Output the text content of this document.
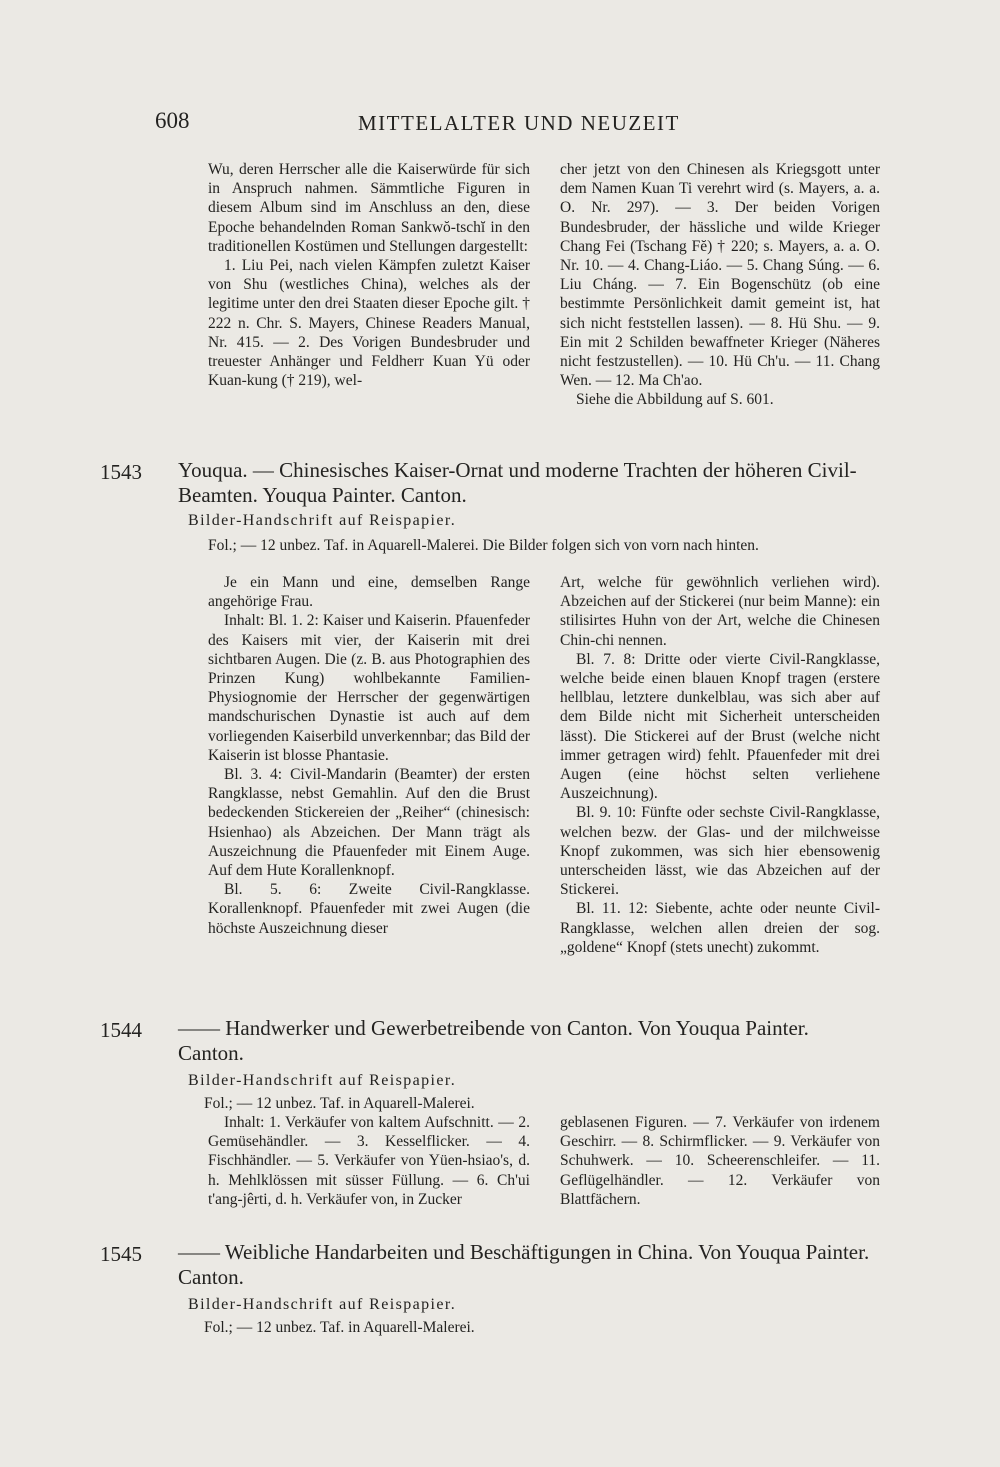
608	MITTELALTER UND NEUZEIT

Wu, deren Herrscher alle die Kaiserwürde für sich in Anspruch nahmen. Sämmtliche Figuren in diesem Album sind im Anschluss an den, diese Epoche behandelnden Roman Sankwŏ-tschĭ in den traditionellen Kostümen und Stellungen dargestellt:

1. Liu Pei, nach vielen Kämpfen zuletzt Kaiser von Shu (westliches China), welches als der legitime unter den drei Staaten dieser Epoche gilt. † 222 n. Chr. S. Mayers, Chinese Readers Manual, Nr. 415. — 2. Des Vorigen Bundesbruder und treuester Anhänger und Feldherr Kuan Yü oder Kuan-kung († 219), wel-

cher jetzt von den Chinesen als Kriegsgott unter dem Namen Kuan Ti verehrt wird (s. Mayers, a. a. O. Nr. 297). — 3. Der beiden Vorigen Bundesbruder, der hässliche und wilde Krieger Chang Fei (Tschang Fĕ) † 220; s. Mayers, a. a. O. Nr. 10. — 4. Chang-Liáo. — 5. Chang Súng. — 6. Liu Cháng. — 7. Ein Bogenschütz (ob eine bestimmte Persönlichkeit damit gemeint ist, hat sich nicht feststellen lassen). — 8. Hü Shu. — 9. Ein mit 2 Schilden bewaffneter Krieger (Näheres nicht festzustellen). — 10. Hü Ch'u. — 11. Chang Wen. — 12. Ma Ch'ao.

Siehe die Abbildung auf S. 601.

1543 Youqua. — Chinesisches Kaiser-Ornat und moderne Trachten der höheren Civil-Beamten. Youqua Painter. Canton.

Bilder-Handschrift auf Reispapier.

Fol.; — 12 unbez. Taf. in Aquarell-Malerei. Die Bilder folgen sich von vorn nach hinten.

Je ein Mann und eine, demselben Range angehörige Frau.

Inhalt: Bl. 1. 2: Kaiser und Kaiserin. Pfauenfeder des Kaisers mit vier, der Kaiserin mit drei sichtbaren Augen. Die (z. B. aus Photographien des Prinzen Kung) wohlbekannte Familien-Physiognomie der Herrscher der gegenwärtigen mandschurischen Dynastie ist auch auf dem vorliegenden Kaiserbild unverkennbar; das Bild der Kaiserin ist blosse Phantasie.

Bl. 3. 4: Civil-Mandarin (Beamter) der ersten Rangklasse, nebst Gemahlin. Auf den die Brust bedeckenden Stickereien der „Reiher“ (chinesisch: Hsienhao) als Abzeichen. Der Mann trägt als Auszeichnung die Pfauenfeder mit Einem Auge. Auf dem Hute Korallenknopf.

Bl. 5. 6: Zweite Civil-Rangklasse. Korallenknopf. Pfauenfeder mit zwei Augen (die höchste Auszeichnung dieser

Art, welche für gewöhnlich verliehen wird). Abzeichen auf der Stickerei (nur beim Manne): ein stilisirtes Huhn von der Art, welche die Chinesen Chin-chi nennen.

Bl. 7. 8: Dritte oder vierte Civil-Rangklasse, welche beide einen blauen Knopf tragen (erstere hellblau, letztere dunkelblau, was sich aber auf dem Bilde nicht mit Sicherheit unterscheiden lässt). Die Stickerei auf der Brust (welche nicht immer getragen wird) fehlt. Pfauenfeder mit drei Augen (eine höchst selten verliehene Auszeichnung).

Bl. 9. 10: Fünfte oder sechste Civil-Rangklasse, welchen bezw. der Glas- und der milchweisse Knopf zukommen, was sich hier ebensowenig unterscheiden lässt, wie das Abzeichen auf der Stickerei.

Bl. 11. 12: Siebente, achte oder neunte Civil-Rangklasse, welchen allen dreien der sog. „goldene“ Knopf (stets unecht) zukommt.

1544 —— Handwerker und Gewerbetreibende von Canton. Von Youqua Painter. Canton.

Bilder-Handschrift auf Reispapier.

Fol.; — 12 unbez. Taf. in Aquarell-Malerei.

Inhalt: 1. Verkäufer von kaltem Aufschnitt. — 2. Gemüsehändler. — 3. Kesselflicker. — 4. Fischhändler. — 5. Verkäufer von Yüen-hsiao's, d. h. Mehlklössen mit süsser Füllung. — 6. Ch'ui t'ang-jêrti, d. h. Verkäufer von, in Zucker

geblasenen Figuren. — 7. Verkäufer von irdenem Geschirr. — 8. Schirmflicker. — 9. Verkäufer von Schuhwerk. — 10. Scheerenschleifer. — 11. Geflügelhändler. — 12. Verkäufer von Blattfächern.

1545 —— Weibliche Handarbeiten und Beschäftigungen in China. Von Youqua Painter. Canton.

Bilder-Handschrift auf Reispapier.

Fol.; — 12 unbez. Taf. in Aquarell-Malerei.
